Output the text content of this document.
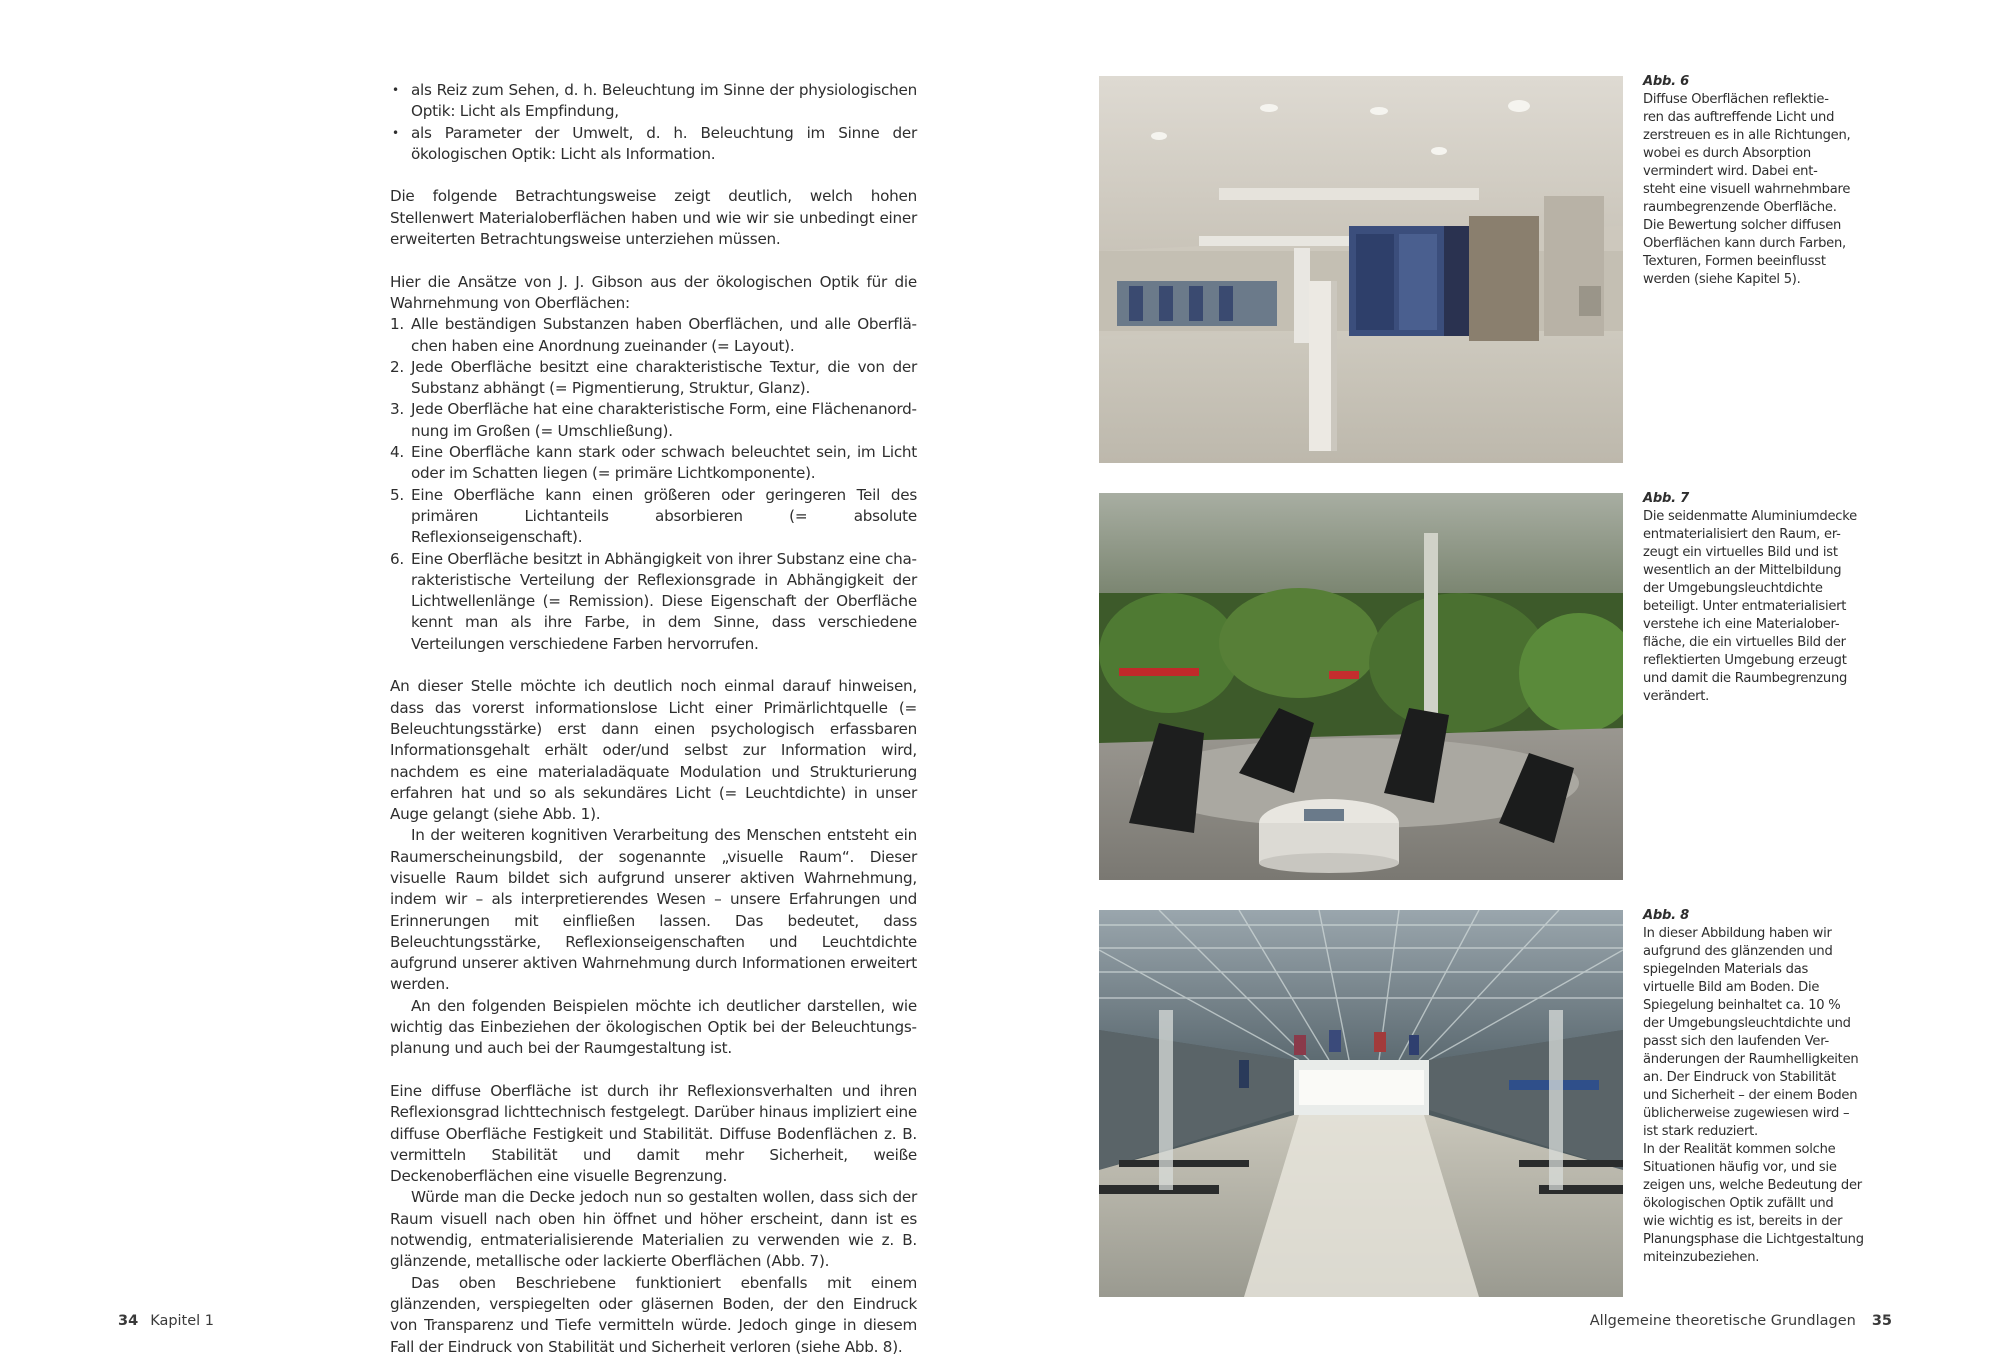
• als Reiz zum Sehen, d. h. Beleuchtung im Sinne der physiologischen Optik: Licht als Empfindung,
• als Parameter der Umwelt, d. h. Beleuchtung im Sinne der ökologischen Optik: Licht als Information.

Die folgende Betrachtungsweise zeigt deutlich, welch hohen Stellenwert Materialoberflächen haben und wie wir sie unbedingt einer erweiterten Betrachtungsweise unterziehen müssen.

Hier die Ansätze von J. J. Gibson aus der ökologischen Optik für die Wahrnehmung von Oberflächen:

1. Alle beständigen Substanzen haben Oberflächen, und alle Oberflächen haben eine Anordnung zueinander (= Layout).
2. Jede Oberfläche besitzt eine charakteristische Textur, die von der Substanz abhängt (= Pigmentierung, Struktur, Glanz).
3. Jede Oberfläche hat eine charakteristische Form, eine Flächenanordnung im Großen (= Umschließung).
4. Eine Oberfläche kann stark oder schwach beleuchtet sein, im Licht oder im Schatten liegen (= primäre Lichtkomponente).
5. Eine Oberfläche kann einen größeren oder geringeren Teil des primären Lichtanteils absorbieren (= absolute Reflexionseigenschaft).
6. Eine Oberfläche besitzt in Abhängigkeit von ihrer Substanz eine charakteristische Verteilung der Reflexionsgrade in Abhängigkeit der Lichtwellenlänge (= Remission). Diese Eigenschaft der Oberfläche kennt man als ihre Farbe, in dem Sinne, dass verschiedene Verteilungen verschiedene Farben hervorrufen.

An dieser Stelle möchte ich deutlich noch einmal darauf hinweisen, dass das vorerst informationslose Licht einer Primärlichtquelle (= Beleuchtungsstärke) erst dann einen psychologisch erfassbaren Informationsgehalt erhält oder/und selbst zur Information wird, nachdem es eine materialadäquate Modulation und Strukturierung erfahren hat und so als sekundäres Licht (= Leuchtdichte) in unser Auge gelangt (siehe Abb. 1).

In der weiteren kognitiven Verarbeitung des Menschen entsteht ein Raumerscheinungsbild, der sogenannte „visuelle Raum“. Dieser visuelle Raum bildet sich aufgrund unserer aktiven Wahrnehmung, indem wir – als interpretierendes Wesen – unsere Erfahrungen und Erinnerungen mit einfließen lassen. Das bedeutet, dass Beleuchtungsstärke, Reflexionseigenschaften und Leuchtdichte aufgrund unserer aktiven Wahrnehmung durch Informationen erweitert werden.

An den folgenden Beispielen möchte ich deutlicher darstellen, wie wichtig das Einbeziehen der ökologischen Optik bei der Beleuchtungsplanung und auch bei der Raumgestaltung ist.

Eine diffuse Oberfläche ist durch ihr Reflexionsverhalten und ihren Reflexionsgrad lichttechnisch festgelegt. Darüber hinaus impliziert eine diffuse Oberfläche Festigkeit und Stabilität. Diffuse Bodenflächen z. B. vermitteln Stabilität und damit mehr Sicherheit, weiße Deckenoberflächen eine visuelle Begrenzung.

Würde man die Decke jedoch nun so gestalten wollen, dass sich der Raum visuell nach oben hin öffnet und höher erscheint, dann ist es notwendig, entmaterialisierende Materialien zu verwenden wie z. B. glänzende, metallische oder lackierte Oberflächen (Abb. 7).

Das oben Beschriebene funktioniert ebenfalls mit einem glänzenden, verspiegelten oder gläsernen Boden, der den Eindruck von Transparenz und Tiefe vermitteln würde. Jedoch ginge in diesem Fall der Eindruck von Stabilität und Sicherheit verloren (siehe Abb. 8).

Abb. 6
Diffuse Oberflächen reflektie-
ren das auftreffende Licht und
zerstreuen es in alle Richtungen,
wobei es durch Absorption
vermindert wird. Dabei ent-
steht eine visuell wahrnehmbare
raumbegrenzende Oberfläche.
Die Bewertung solcher diffusen
Oberflächen kann durch Farben,
Texturen, Formen beeinflusst
werden (siehe Kapitel 5).
Abb. 7
Die seidenmatte Aluminiumdecke
entmaterialisiert den Raum, er-
zeugt ein virtuelles Bild und ist
wesentlich an der Mittelbildung
der Umgebungsleuchtdichte
beteiligt. Unter entmaterialisiert
verstehe ich eine Materialober-
fläche, die ein virtuelles Bild der
reflektierten Umgebung erzeugt
und damit die Raumbegrenzung
verändert.
Abb. 8
In dieser Abbildung haben wir
aufgrund des glänzenden und
spiegelnden Materials das
virtuelle Bild am Boden. Die
Spiegelung beinhaltet ca. 10 %
der Umgebungsleuchtdichte und
passt sich den laufenden Ver-
änderungen der Raumhelligkeiten
an. Der Eindruck von Stabilität
und Sicherheit – der einem Boden
üblicherweise zugewiesen wird –
ist stark reduziert.
In der Realität kommen solche
Situationen häufig vor, und sie
zeigen uns, welche Bedeutung der
ökologischen Optik zufällt und
wie wichtig es ist, bereits in der
Planungsphase die Lichtgestaltung
miteinzubeziehen.
34 Kapitel 1	Allgemeine theoretische Grundlagen 35
